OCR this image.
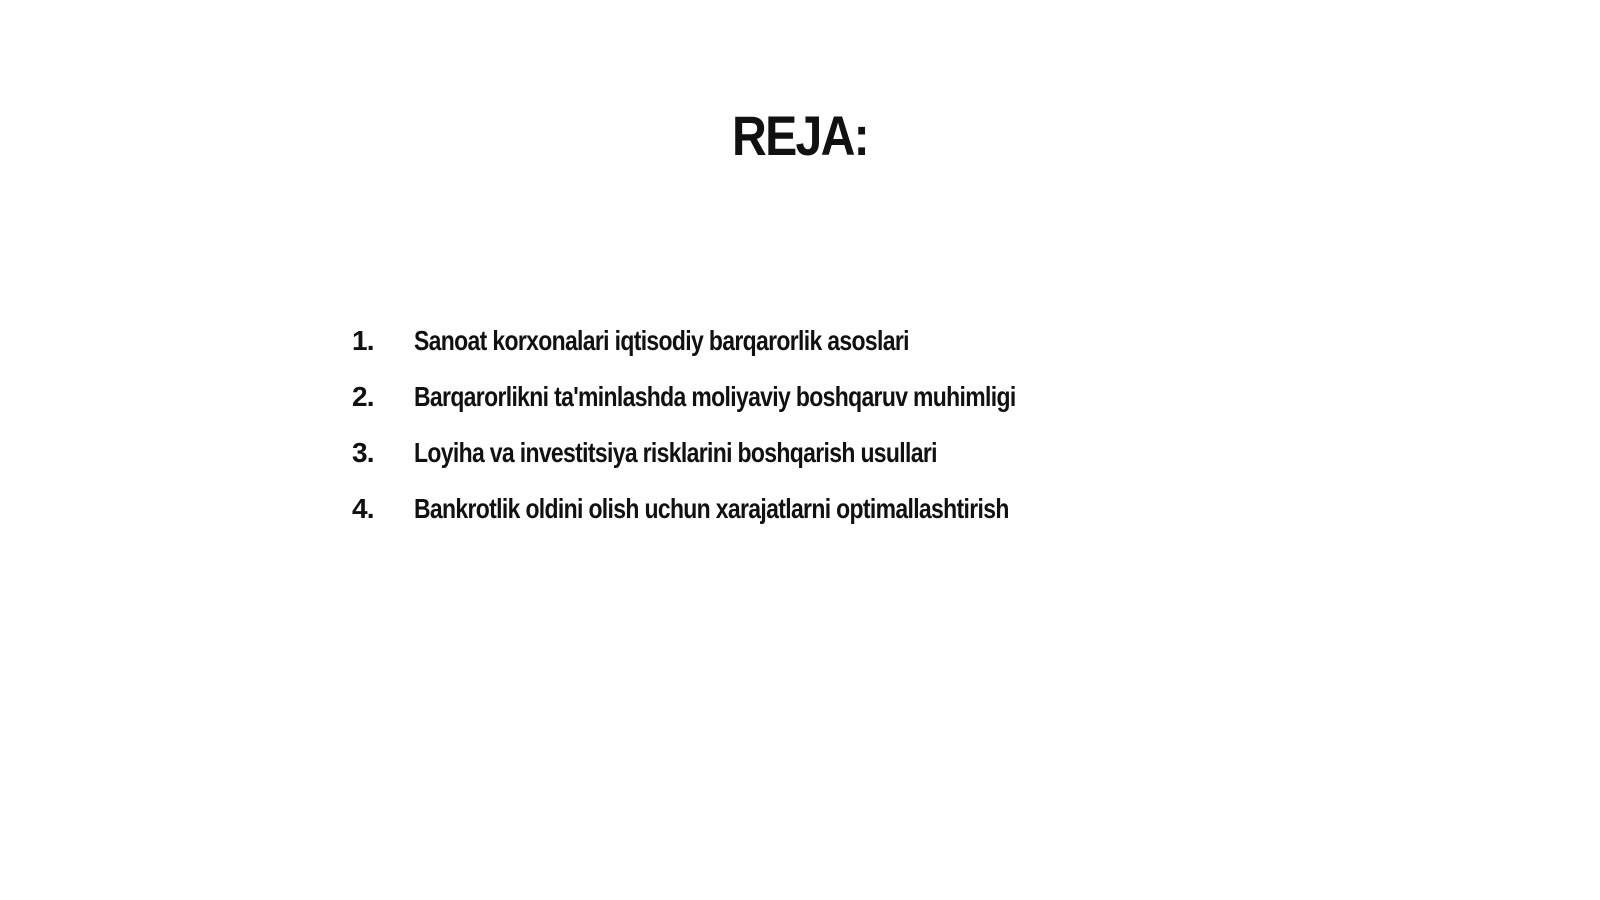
REJA:
1.	Sanoat korxonalari iqtisodiy barqarorlik asoslari
2.	Barqarorlikni ta'minlashda moliyaviy boshqaruv muhimligi
3.	Loyiha va investitsiya risklarini boshqarish usullari
4.	Bankrotlik oldini olish uchun xarajatlarni optimallashtirish
